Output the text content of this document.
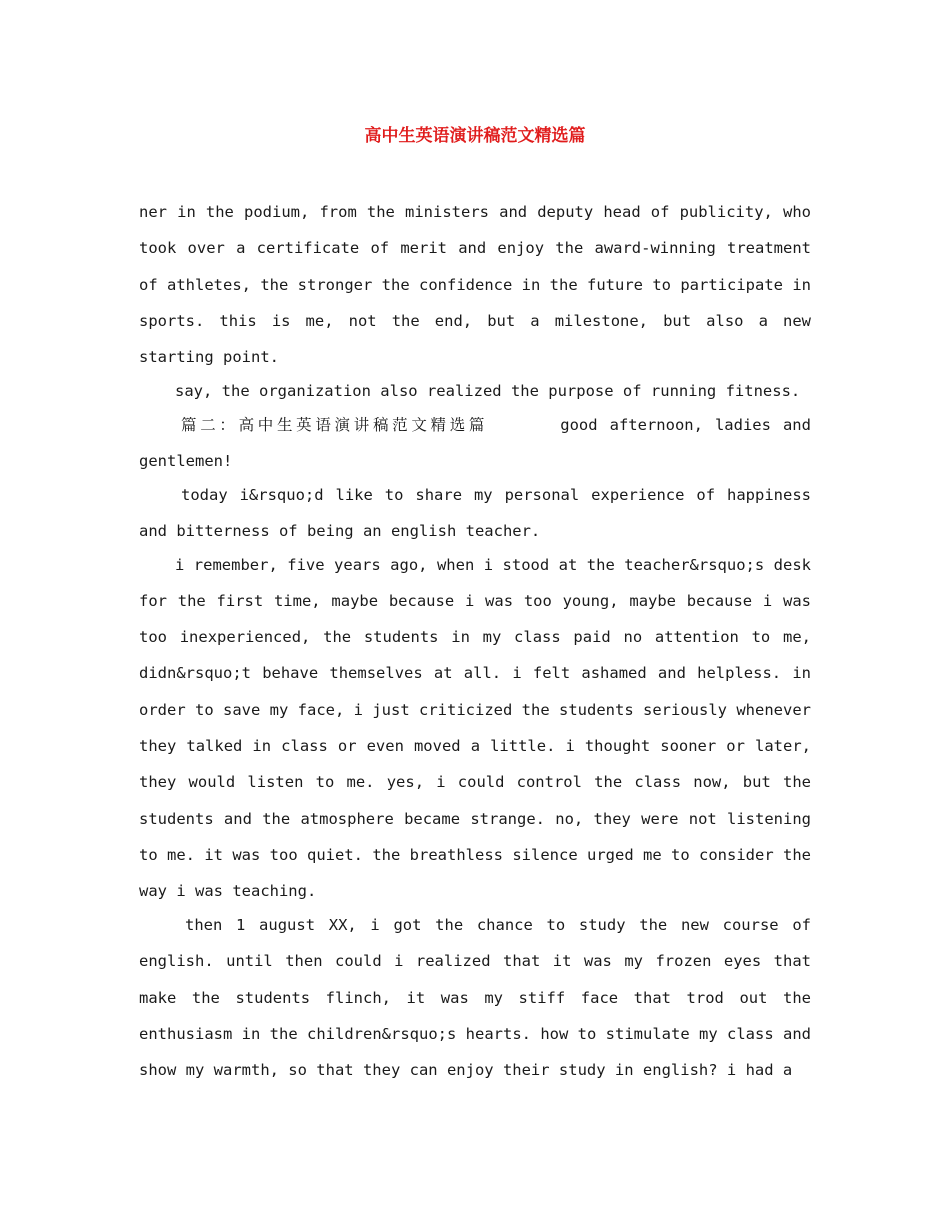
高中生英语演讲稿范文精选篇

ner in the podium, from the ministers and deputy head of publicity, who took over a certificate of merit and enjoy the award-winning treatment of athletes, the stronger the confidence in the future to participate in sports. this is me, not the end, but a milestone, but also a new starting point.

say, the organization also realized the purpose of running fitness.

篇二：高中生英语演讲稿范文精选篇	good afternoon, ladies and gentlemen!

today i&rsquo;d like to share my personal experience of happiness and bitterness of being an english teacher.

i remember, five years ago, when i stood at the teacher&rsquo;s desk for the first time, maybe because i was too young, maybe because i was too inexperienced, the students in my class paid no attention to me, didn&rsquo;t behave themselves at all. i felt ashamed and helpless. in order to save my face, i just criticized the students seriously whenever they talked in class or even moved a little. i thought sooner or later, they would listen to me. yes, i could control the class now, but the students and the atmosphere became strange. no, they were not listening to me. it was too quiet. the breathless silence urged me to consider the way i was teaching.

then 1 august XX, i got the chance to study the new course of english. until then could i realized that it was my frozen eyes that make the students flinch, it was my stiff face that trod out the enthusiasm in the children&rsquo;s hearts. how to stimulate my class and show my warmth, so that they can enjoy their study in english? i had a
